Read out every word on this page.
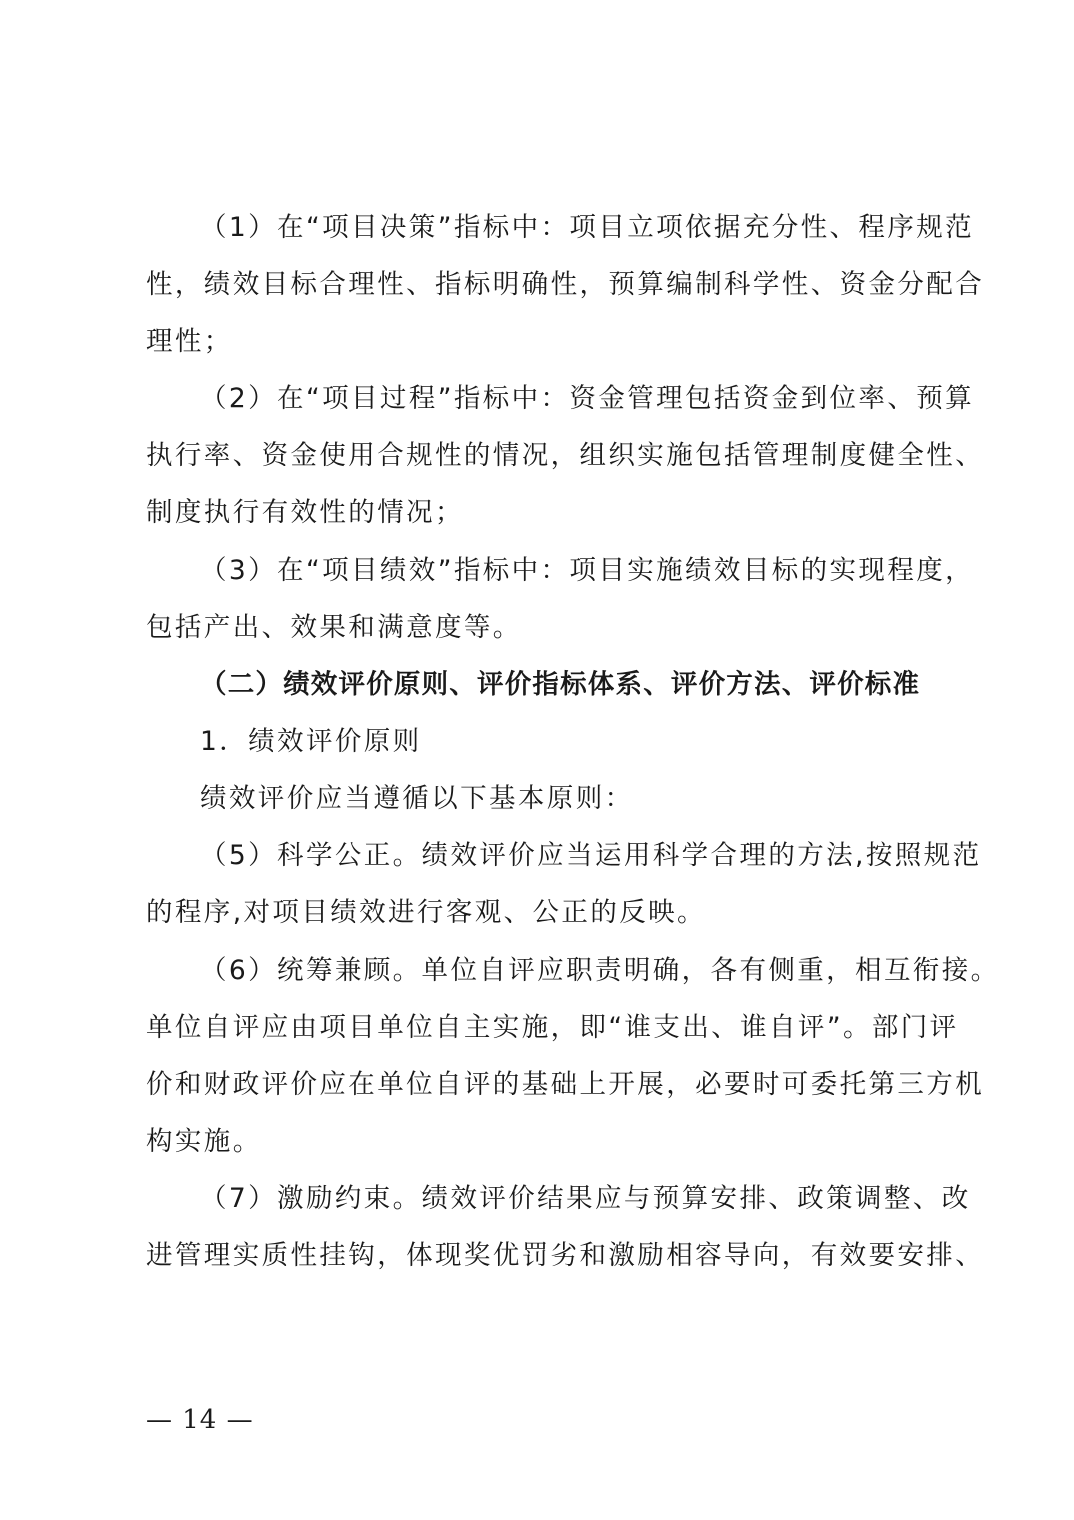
（1）在“项目决策”指标中：项目立项依据充分性、程序规范
性，绩效目标合理性、指标明确性，预算编制科学性、资金分配合
理性；
（2）在“项目过程”指标中：资金管理包括资金到位率、预算
执行率、资金使用合规性的情况，组织实施包括管理制度健全性、
制度执行有效性的情况；
（3）在“项目绩效”指标中：项目实施绩效目标的实现程度，
包括产出、效果和满意度等。
（二）绩效评价原则、评价指标体系、评价方法、评价标准
1．绩效评价原则
绩效评价应当遵循以下基本原则：
（5）科学公正。绩效评价应当运用科学合理的方法,按照规范
的程序,对项目绩效进行客观、公正的反映。
（6）统筹兼顾。单位自评应职责明确，各有侧重，相互衔接。
单位自评应由项目单位自主实施，即“谁支出、谁自评”。部门评
价和财政评价应在单位自评的基础上开展，必要时可委托第三方机
构实施。
（7）激励约束。绩效评价结果应与预算安排、政策调整、改
进管理实质性挂钩，体现奖优罚劣和激励相容导向，有效要安排、
— 14 —
